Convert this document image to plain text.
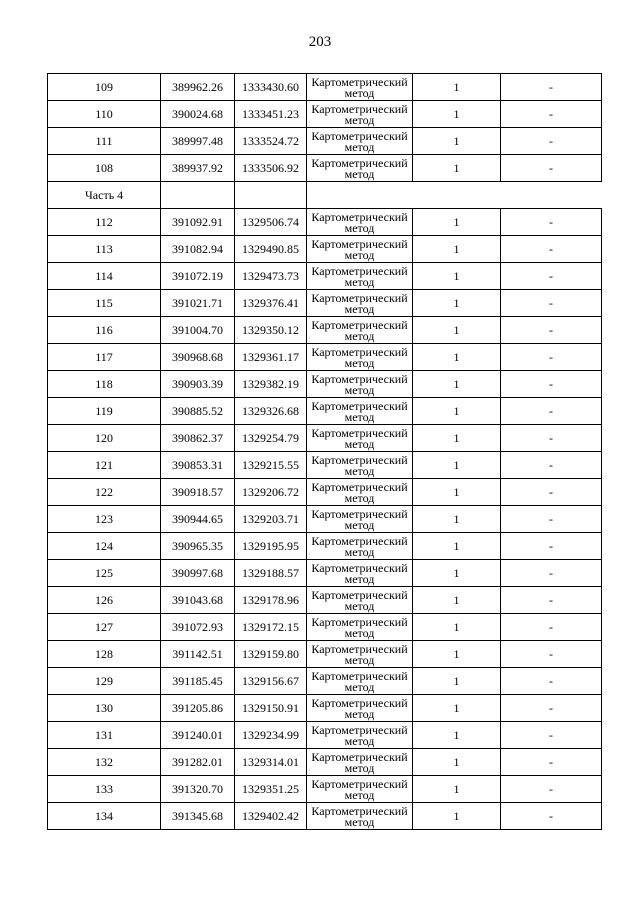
203
109	389962.26	1333430.60	Картометрический метод	1	-
110	390024.68	1333451.23	Картометрический метод	1	-
111	389997.48	1333524.72	Картометрический метод	1	-
108	389937.92	1333506.92	Картометрический метод	1	-
Часть 4					
112	391092.91	1329506.74	Картометрический метод	1	-
113	391082.94	1329490.85	Картометрический метод	1	-
114	391072.19	1329473.73	Картометрический метод	1	-
115	391021.71	1329376.41	Картометрический метод	1	-
116	391004.70	1329350.12	Картометрический метод	1	-
117	390968.68	1329361.17	Картометрический метод	1	-
118	390903.39	1329382.19	Картометрический метод	1	-
119	390885.52	1329326.68	Картометрический метод	1	-
120	390862.37	1329254.79	Картометрический метод	1	-
121	390853.31	1329215.55	Картометрический метод	1	-
122	390918.57	1329206.72	Картометрический метод	1	-
123	390944.65	1329203.71	Картометрический метод	1	-
124	390965.35	1329195.95	Картометрический метод	1	-
125	390997.68	1329188.57	Картометрический метод	1	-
126	391043.68	1329178.96	Картометрический метод	1	-
127	391072.93	1329172.15	Картометрический метод	1	-
128	391142.51	1329159.80	Картометрический метод	1	-
129	391185.45	1329156.67	Картометрический метод	1	-
130	391205.86	1329150.91	Картометрический метод	1	-
131	391240.01	1329234.99	Картометрический метод	1	-
132	391282.01	1329314.01	Картометрический метод	1	-
133	391320.70	1329351.25	Картометрический метод	1	-
134	391345.68	1329402.42	Картометрический метод	1	-
